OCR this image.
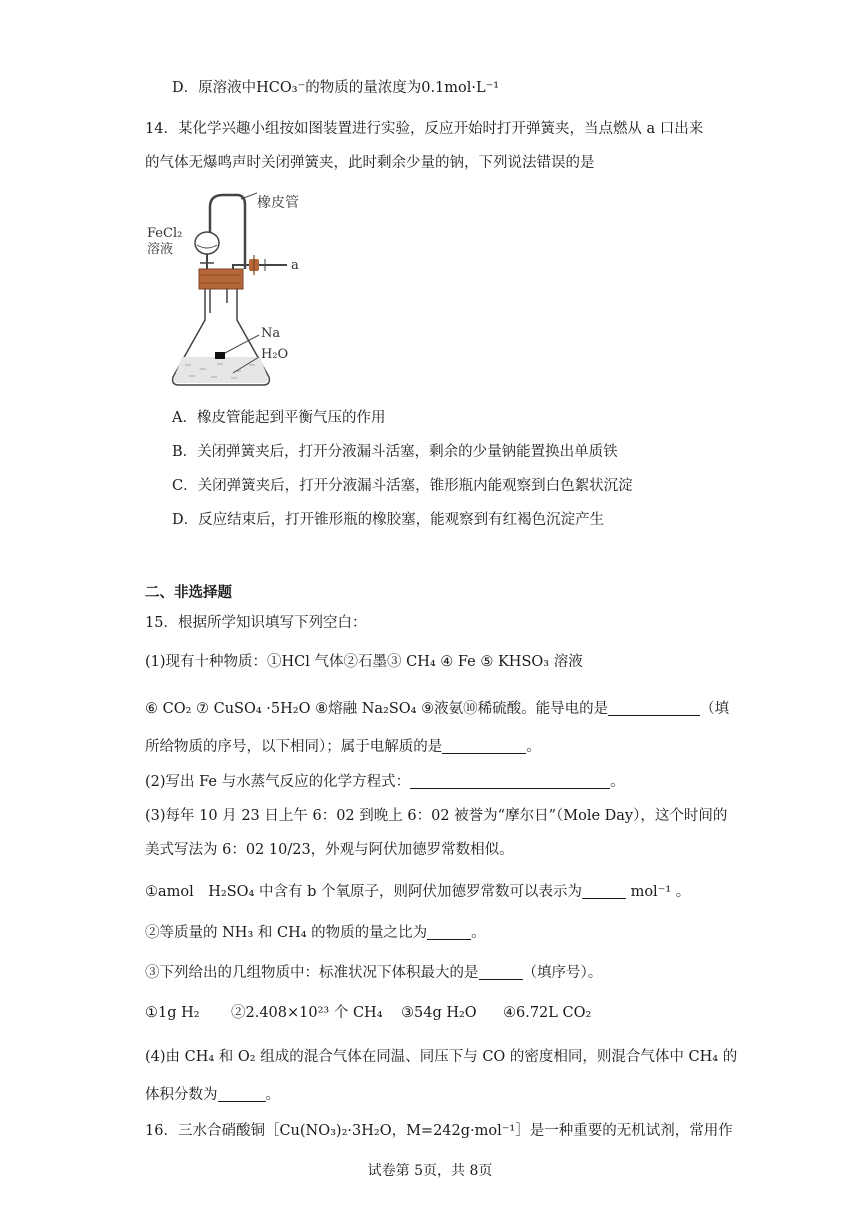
D．原溶液中HCO₃⁻的物质的量浓度为0.1mol·L⁻¹
14．某化学兴趣小组按如图装置进行实验，反应开始时打开弹簧夹，当点燃从 a 口出来
的气体无爆鸣声时关闭弹簧夹，此时剩余少量的钠，下列说法错误的是
橡皮管
FeCl₂
溶液
a
Na
H₂O
A．橡皮管能起到平衡气压的作用
B．关闭弹簧夹后，打开分液漏斗活塞，剩余的少量钠能置换出单质铁
C．关闭弹簧夹后，打开分液漏斗活塞，锥形瓶内能观察到白色絮状沉淀
D．反应结束后，打开锥形瓶的橡胶塞，能观察到有红褐色沉淀产生
二、非选择题
15．根据所学知识填写下列空白：
(1)现有十种物质：①HCl 气体②石墨③ CH₄ ④ Fe ⑤ KHSO₃ 溶液
⑥ CO₂ ⑦ CuSO₄ ·5H₂O ⑧熔融 Na₂SO₄ ⑨液氨⑩稀硫酸。能导电的是	（填
所给物质的序号，以下相同）；属于电解质的是	。
(2)写出 Fe 与水蒸气反应的化学方程式：	。
(3)每年 10 月 23 日上午 6：02 到晚上 6：02 被誉为“摩尔日”（Mole Day），这个时间的
美式写法为 6：02 10/23，外观与阿伏加德罗常数相似。
①amol　H₂SO₄ 中含有 b 个氧原子，则阿伏加德罗常数可以表示为	mol⁻¹ 。
②等质量的 NH₃ 和 CH₄ 的物质的量之比为	。
③下列给出的几组物质中：标准状况下体积最大的是	（填序号）。
①1g H₂ ②2.408×10²³ 个 CH₄ ③54g H₂O ④6.72L CO₂
(4)由 CH₄ 和 O₂ 组成的混合气体在同温、同压下与 CO 的密度相同，则混合气体中 CH₄ 的
体积分数为	。
16．三水合硝酸铜［Cu(NO₃)₂·3H₂O，M=242g·mol⁻¹］是一种重要的无机试剂，常用作
试卷第 5页，共 8页
